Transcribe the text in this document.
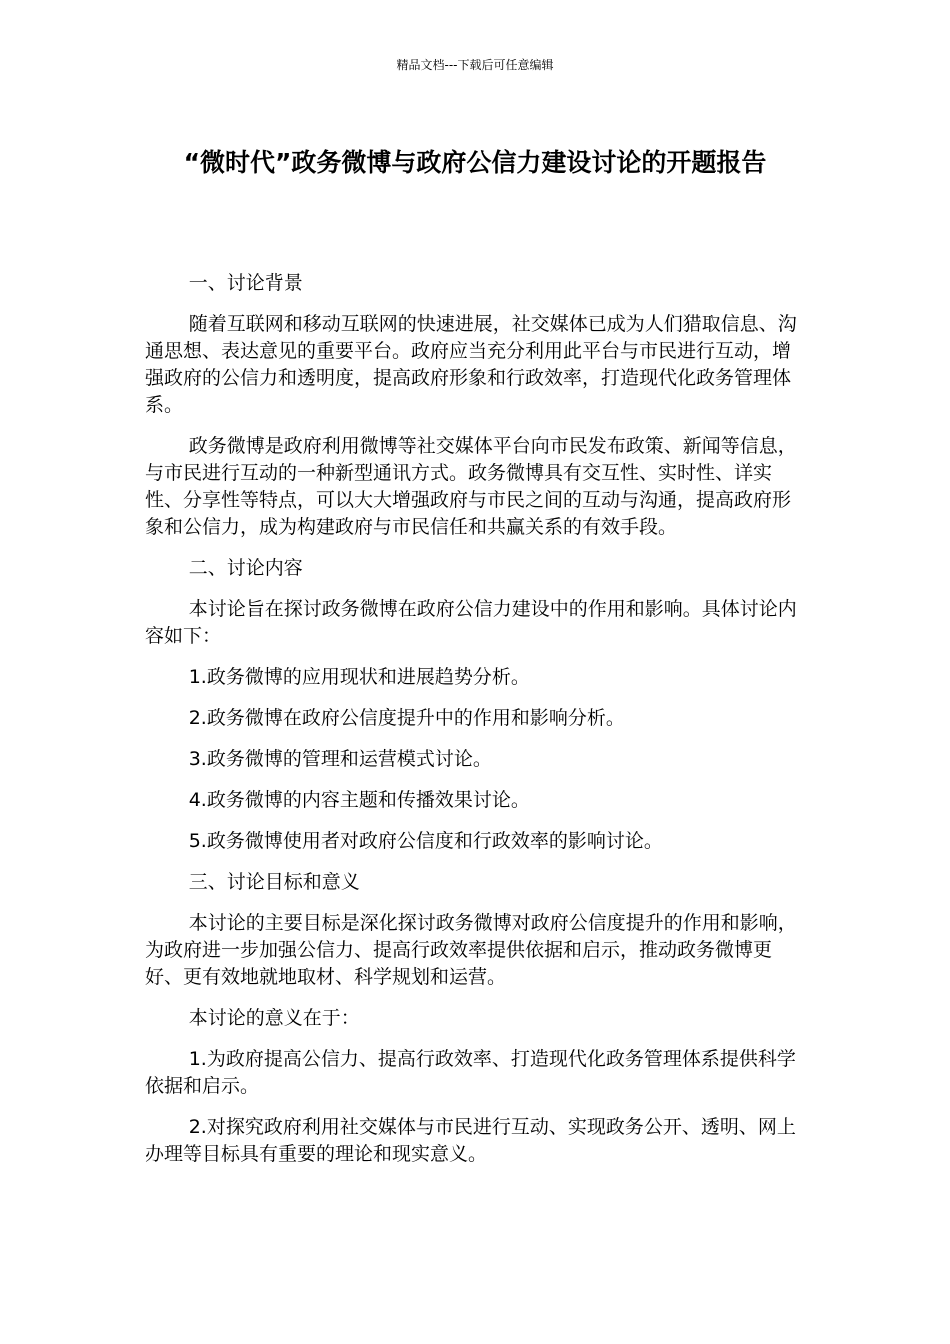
精品文档---下载后可任意编辑
“微时代”政务微博与政府公信力建设讨论的开题报告

一、讨论背景

随着互联网和移动互联网的快速进展，社交媒体已成为人们猎取信息、沟通思想、表达意见的重要平台。政府应当充分利用此平台与市民进行互动，增强政府的公信力和透明度，提高政府形象和行政效率，打造现代化政务管理体系。

政务微博是政府利用微博等社交媒体平台向市民发布政策、新闻等信息，与市民进行互动的一种新型通讯方式。政务微博具有交互性、实时性、详实性、分享性等特点，可以大大增强政府与市民之间的互动与沟通，提高政府形象和公信力，成为构建政府与市民信任和共赢关系的有效手段。

二、讨论内容

本讨论旨在探讨政务微博在政府公信力建设中的作用和影响。具体讨论内容如下：

1.政务微博的应用现状和进展趋势分析。

2.政务微博在政府公信度提升中的作用和影响分析。

3.政务微博的管理和运营模式讨论。

4.政务微博的内容主题和传播效果讨论。

5.政务微博使用者对政府公信度和行政效率的影响讨论。

三、讨论目标和意义

本讨论的主要目标是深化探讨政务微博对政府公信度提升的作用和影响，为政府进一步加强公信力、提高行政效率提供依据和启示，推动政务微博更好、更有效地就地取材、科学规划和运营。

本讨论的意义在于：

1.为政府提高公信力、提高行政效率、打造现代化政务管理体系提供科学依据和启示。

2.对探究政府利用社交媒体与市民进行互动、实现政务公开、透明、网上办理等目标具有重要的理论和现实意义。
